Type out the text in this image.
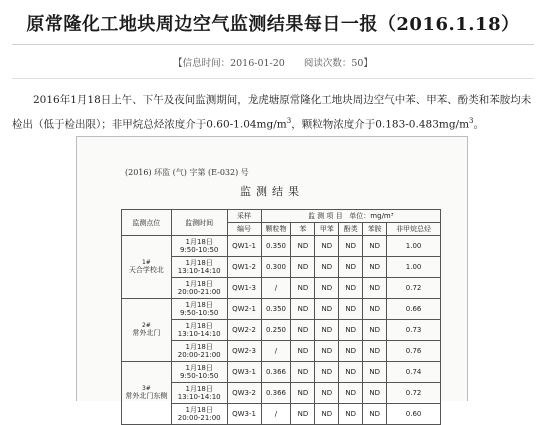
原常隆化工地块周边空气监测结果每日一报（2016.1.18）
【信息时间：2016-01-20　　阅读次数：50】
2016年1月18日上午、下午及夜间监测期间，龙虎塘原常隆化工地块周边空气中苯、甲苯、酚类和苯胺均未检出（低于检出限）；非甲烷总烃浓度介于$0.60-1.04mg/m^3$，颗粒物浓度介于$0.183-0.483mg/m^3$。
(2016) 环监 (气) 字第 (E-032) 号
监测结果
监测点位	监测时间	采样	监 测 项 目 单位：mg/m³					
		编号	颗粒物	苯	甲苯	酚类	苯胺	非甲烷总烃

1#
天合学校北	1月18日
9:50-10:50	QW1-1	0.350	ND	ND	ND	ND	1.00

	1月18日
13:10-14:10	QW1-2	0.300	ND	ND	ND	ND	1.00

	1月18日
20:00-21:00	QW1-3	/	ND	ND	ND	ND	0.72

2#
常外北门	1月18日
9:50-10:50	QW2-1	0.350	ND	ND	ND	ND	0.66

	1月18日
13:10-14:10	QW2-2	0.250	ND	ND	ND	ND	0.73

	1月18日
20:00-21:00	QW2-3	/	ND	ND	ND	ND	0.76

3#
常外北门东侧	1月18日
9:50-10:50	QW3-1	0.366	ND	ND	ND	ND	0.74

	1月18日
13:10-14:10	QW3-2	0.366	ND	ND	ND	ND	0.72

	1月18日
20:00-21:00	QW3-1	/	ND	ND	ND	ND	0.60
